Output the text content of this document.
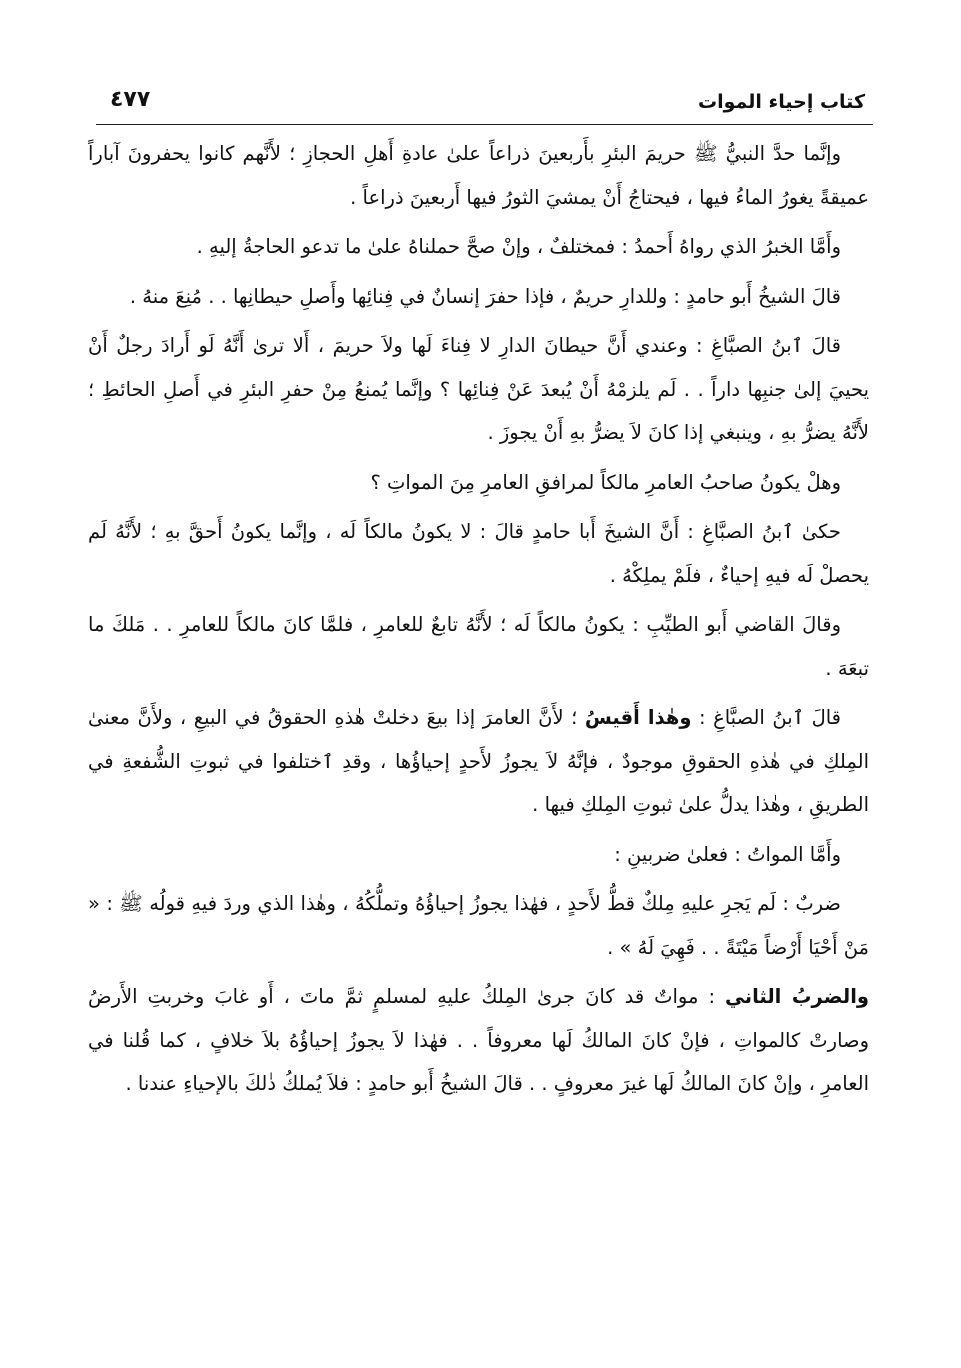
كتاب إحياء الموات
٤٧٧

وإنَّما حدَّ النبيُّ ﷺ حريمَ البئرِ بأَربعينَ ذراعاً علىٰ عادةِ أَهلِ الحجازِ ؛ لأَنَّهم كانوا يحفرونَ آباراً عميقةً يغورُ الماءُ فيها ، فيحتاجُ أَنْ يمشيَ الثورُ فيها أَربعينَ ذراعاً .

وأَمَّا الخبرُ الذي رواهُ أَحمدُ : فمختلفٌ ، وإنْ صحَّ حملناهُ علىٰ ما تدعو الحاجةُ إليهِ .

قالَ الشيخُ أَبو حامدٍ : وللدارِ حريمٌ ، فإذا حفرَ إنسانٌ في فِنائِها وأَصلِ حيطانِها . . مُنِعَ منهُ .

قالَ ٱبنُ الصبَّاغِ : وعندي أَنَّ حيطانَ الدارِ لا فِناءَ لَها ولاَ حريمَ ، أَلا ترىٰ أَنَّهُ لَو أَرادَ رجلٌ أَنْ يحييَ إلىٰ جنبِها داراً . . لَم يلزمْهُ أَنْ يُبعدَ عَنْ فِنائِها ؟ وإنَّما يُمنعُ مِنْ حفرِ البئرِ في أَصلِ الحائطِ ؛ لأَنَّهُ يضرُّ بهِ ، وينبغي إذا كانَ لاَ يضرُّ بهِ أَنْ يجوزَ .

وهلْ يكونُ صاحبُ العامرِ مالكاً لمرافقِ العامرِ مِنَ المواتِ ؟

حكىٰ ٱبنُ الصبَّاغِ : أَنَّ الشيخَ أَبا حامدٍ قالَ : لا يكونُ مالكاً لَه ، وإنَّما يكونُ أَحقَّ بهِ ؛ لأَنَّهُ لَم يحصلْ لَه فيهِ إحياءٌ ، فلَمْ يملِكْهُ .

وقالَ القاضي أَبو الطيِّبِ : يكونُ مالكاً لَه ؛ لأَنَّهُ تابعٌ للعامرِ ، فلمَّا كانَ مالكاً للعامرِ . . مَلكَ ما تبعَهَ .

قالَ ٱبنُ الصبَّاغِ : وهٰذا أَقيسُ ؛ لأَنَّ العامرَ إذا بيعَ دخلتْ هٰذهِ الحقوقُ في البيعِ ، ولأَنَّ معنىٰ المِلكِ في هٰذهِ الحقوقِ موجودٌ ، فإنَّهُ لاَ يجوزُ لأَحدٍ إحياؤُها ، وقدِ ٱختلفوا في ثبوتِ الشُّفعةِ في الطريقِ ، وهٰذا يدلُّ علىٰ ثبوتِ المِلكِ فيها .

وأَمَّا المواتُ : فعلىٰ ضربينِ :

ضربٌ : لَم يَجرِ عليهِ مِلكٌ قطُّ لأَحدٍ ، فهٰذا يجوزُ إحياؤُهُ وتملُّكُهُ ، وهٰذا الذي وردَ فيهِ قولُه ﷺ : « مَنْ أَحْيَا أَرْضاً مَيْتَةً . . فَهِيَ لَهُ » .

والضربُ الثاني : مواتٌ قد كانَ جرىٰ المِلكُ عليهِ لمسلمٍ ثمَّ ماتَ ، أَو غابَ وخربتِ الأَرضُ وصارتْ كالمواتِ ، فإنْ كانَ المالكُ لَها معروفاً . . فهٰذا لاَ يجوزُ إحياؤُهُ بلاَ خلافٍ ، كما قُلنا في العامرِ ، وإنْ كانَ المالكُ لَها غيرَ معروفٍ . . قالَ الشيخُ أَبو حامدٍ : فلاَ يُملكُ ذٰلكَ بالإحياءِ عندنا .
